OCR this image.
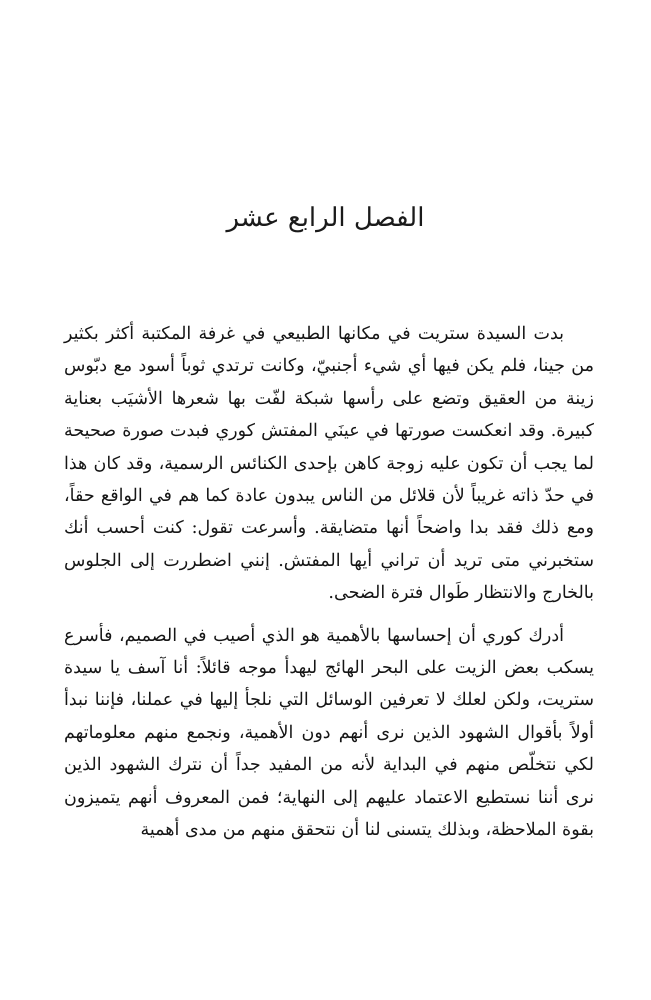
الفصل الرابع عشر

بدت السيدة ستريت في مكانها الطبيعي في غرفة المكتبة أكثر بكثير من جينا، فلم يكن فيها أي شيء أجنبيّ، وكانت ترتدي ثوباً أسود مع دبّوس زينة من العقيق وتضع على رأسها شبكة لفّت بها شعرها الأشيَب بعناية كبيرة. وقد انعكست صورتها في عينَي المفتش كوري فبدت صورة صحيحة لما يجب أن تكون عليه زوجة كاهن بإحدى الكنائس الرسمية، وقد كان هذا في حدّ ذاته غريباً لأن قلائل من الناس يبدون عادة كما هم في الواقع حقاً، ومع ذلك فقد بدا واضحاً أنها متضايقة. وأسرعت تقول: كنت أحسب أنك ستخبرني متى تريد أن تراني أيها المفتش. إنني اضطررت إلى الجلوس بالخارج والانتظار طَوال فترة الضحى.

أدرك كوري أن إحساسها بالأهمية هو الذي أصيب في الصميم، فأسرع يسكب بعض الزيت على البحر الهائج ليهدأ موجه قائلاً: أنا آسف يا سيدة ستريت، ولكن لعلك لا تعرفين الوسائل التي نلجأ إليها في عملنا، فإننا نبدأ أولاً بأقوال الشهود الذين نرى أنهم دون الأهمية، ونجمع منهم معلوماتهم لكي نتخلّص منهم في البداية لأنه من المفيد جداً أن نترك الشهود الذين نرى أننا نستطيع الاعتماد عليهم إلى النهاية؛ فمن المعروف أنهم يتميزون بقوة الملاحظة، وبذلك يتسنى لنا أن نتحقق منهم من مدى أهمية
